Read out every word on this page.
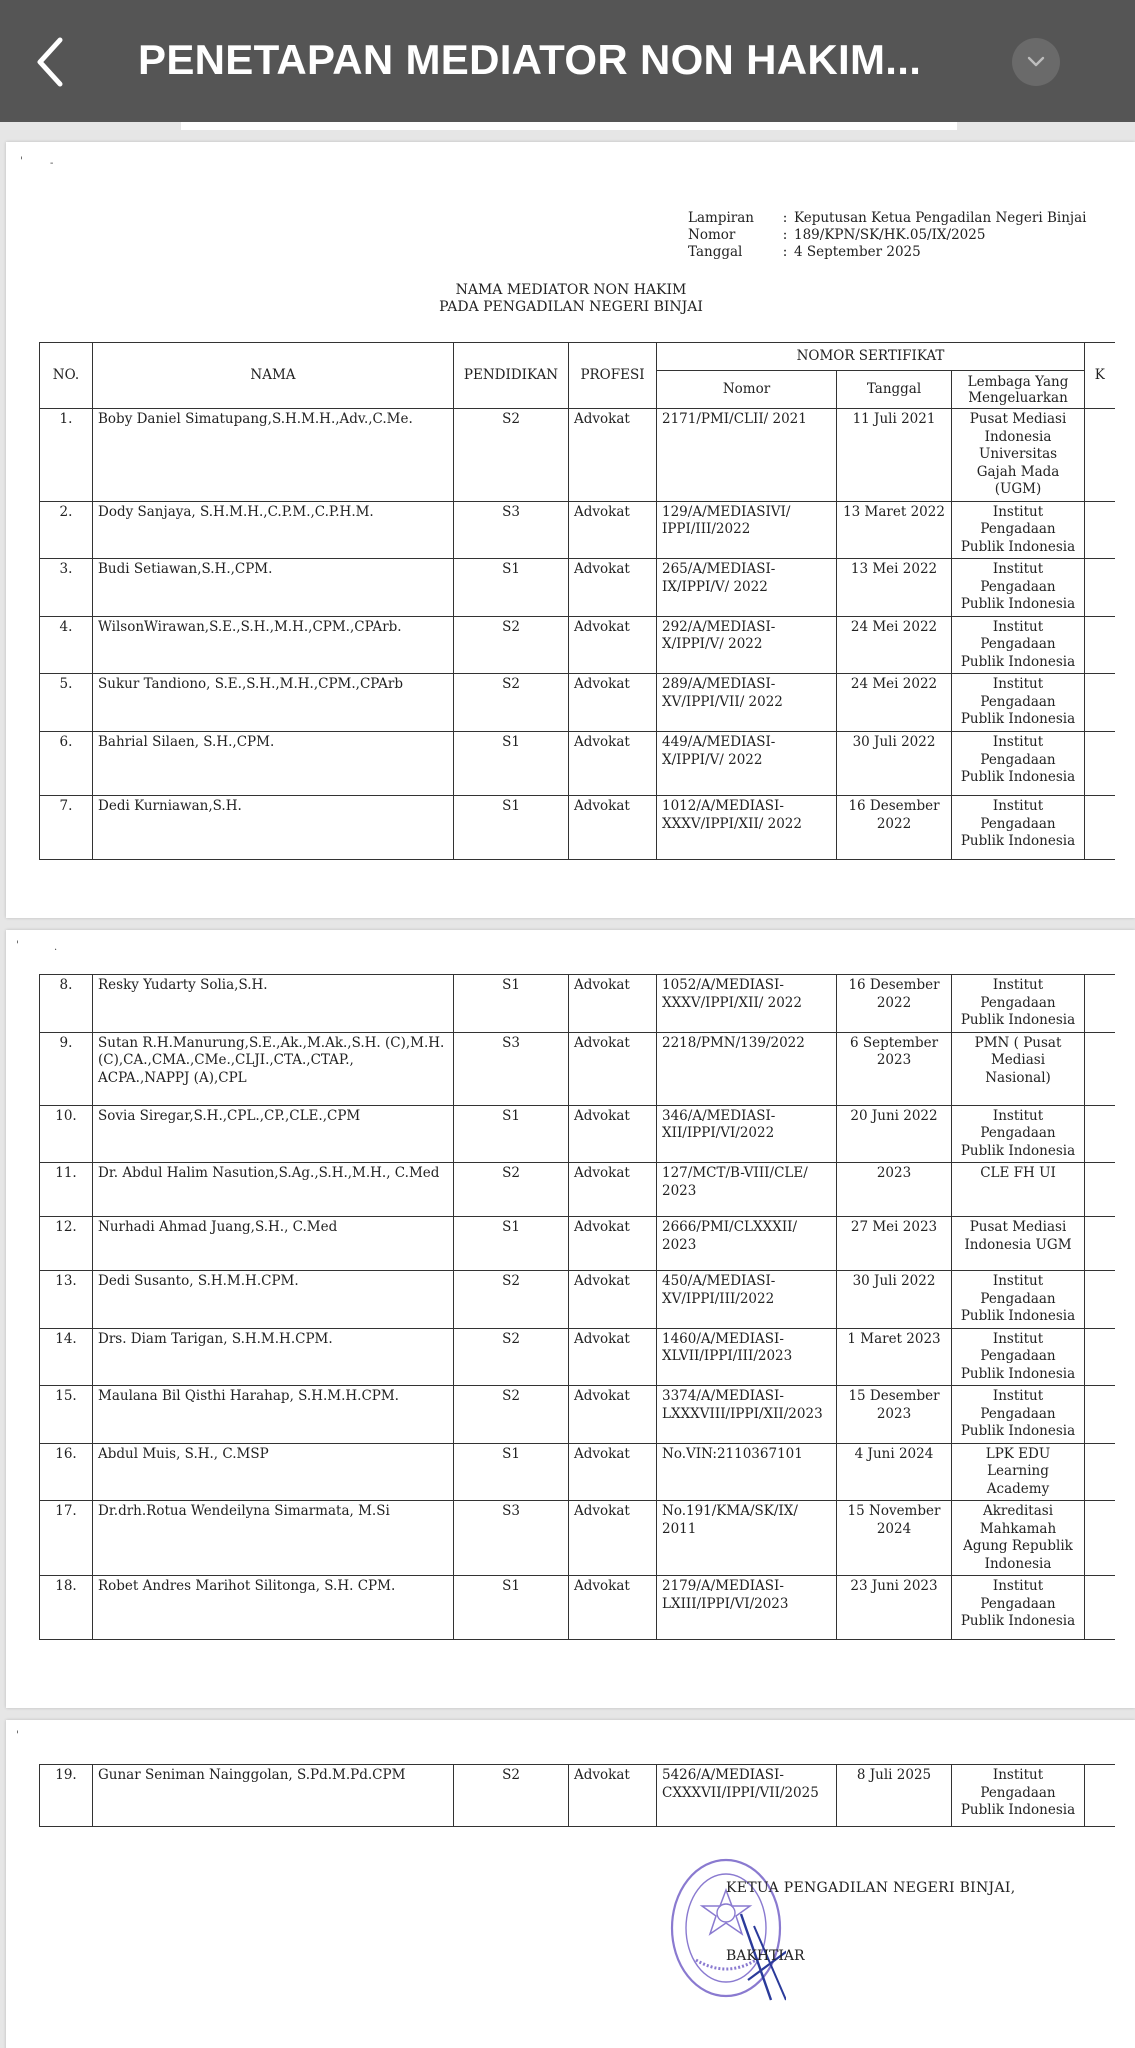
PENETAPAN MEDIATOR NON HAKIM...
'	-
Lampiran	:	Keputusan Ketua Pengadilan Negeri Binjai
Nomor	:	189/KPN/SK/HK.05/IX/2025
Tanggal	:	4 September 2025
NAMA MEDIATOR NON HAKIM
PADA PENGADILAN NEGERI BINJAI
NO.	NAMA	PENDIDIKAN	PROFESI	NOMOR SERTIFIKAT			K
				Nomor	Tanggal	Lembaga Yang Mengeluarkan	
1.	Boby Daniel Simatupang,S.H.M.H.,Adv.,C.Me.	S2	Advokat	2171/PMI/CLII/ 2021	11 Juli 2021	Pusat Mediasi Indonesia Universitas Gajah Mada (UGM)	
2.	Dody Sanjaya, S.H.M.H.,C.P.M.,C.P.H.M.	S3	Advokat	129/A/MEDIASIVI/ IPPI/III/2022	13 Maret 2022	Institut Pengadaan Publik Indonesia	
3.	Budi Setiawan,S.H.,CPM.	S1	Advokat	265/A/MEDIASI-IX/IPPI/V/ 2022	13 Mei 2022	Institut Pengadaan Publik Indonesia	
4.	WilsonWirawan,S.E.,S.H.,M.H.,CPM.,CPArb.	S2	Advokat	292/A/MEDIASI-X/IPPI/V/ 2022	24 Mei 2022	Institut Pengadaan Publik Indonesia	
5.	Sukur Tandiono, S.E.,S.H.,M.H.,CPM.,CPArb	S2	Advokat	289/A/MEDIASI-XV/IPPI/VII/ 2022	24 Mei 2022	Institut Pengadaan Publik Indonesia	
6.	Bahrial Silaen, S.H.,CPM.	S1	Advokat	449/A/MEDIASI-X/IPPI/V/ 2022	30 Juli 2022	Institut Pengadaan Publik Indonesia	
7.	Dedi Kurniawan,S.H.	S1	Advokat	1012/A/MEDIASI-XXXV/IPPI/XII/ 2022	16 Desember 2022	Institut Pengadaan Publik Indonesia	
'	.
8.	Resky Yudarty Solia,S.H.	S1	Advokat	1052/A/MEDIASI-XXXV/IPPI/XII/ 2022	16 Desember 2022	Institut Pengadaan Publik Indonesia	
9.	Sutan R.H.Manurung,S.E.,Ak.,M.Ak.,S.H. (C),M.H.(C),CA.,CMA.,CMe.,CLJI.,CTA.,CTAP., ACPA.,NAPPJ (A),CPL	S3	Advokat	2218/PMN/139/2022	6 September 2023	PMN ( Pusat Mediasi Nasional)	
10.	Sovia Siregar,S.H.,CPL.,CP.,CLE.,CPM	S1	Advokat	346/A/MEDIASI-XII/IPPI/VI/2022	20 Juni 2022	Institut Pengadaan Publik Indonesia	
11.	Dr. Abdul Halim Nasution,S.Ag.,S.H.,M.H., C.Med	S2	Advokat	127/MCT/B-VIII/CLE/ 2023	2023	CLE FH UI	
12.	Nurhadi Ahmad Juang,S.H., C.Med	S1	Advokat	2666/PMI/CLXXXII/ 2023	27 Mei 2023	Pusat Mediasi Indonesia UGM	
13.	Dedi Susanto, S.H.M.H.CPM.	S2	Advokat	450/A/MEDIASI-XV/IPPI/III/2022	30 Juli 2022	Institut Pengadaan Publik Indonesia	
14.	Drs. Diam Tarigan, S.H.M.H.CPM.	S2	Advokat	1460/A/MEDIASI-XLVII/IPPI/III/2023	1 Maret 2023	Institut Pengadaan Publik Indonesia	
15.	Maulana Bil Qisthi Harahap, S.H.M.H.CPM.	S2	Advokat	3374/A/MEDIASI-LXXXVIII/IPPI/XII/2023	15 Desember 2023	Institut Pengadaan Publik Indonesia	
16.	Abdul Muis, S.H., C.MSP	S1	Advokat	No.VIN:2110367101	4 Juni 2024	LPK EDU Learning Academy	
17.	Dr.drh.Rotua Wendeilyna Simarmata, M.Si	S3	Advokat	No.191/KMA/SK/IX/ 2011	15 November 2024	Akreditasi Mahkamah Agung Republik Indonesia	
18.	Robet Andres Marihot Silitonga, S.H. CPM.	S1	Advokat	2179/A/MEDIASI-LXIII/IPPI/VI/2023	23 Juni 2023	Institut Pengadaan Publik Indonesia	
'
19.	Gunar Seniman Nainggolan, S.Pd.M.Pd.CPM	S2	Advokat	5426/A/MEDIASI-CXXXVII/IPPI/VII/2025	8 Juli 2025	Institut Pengadaan Publik Indonesia	
KETUA PENGADILAN NEGERI BINJAI,
BAKHTIAR
